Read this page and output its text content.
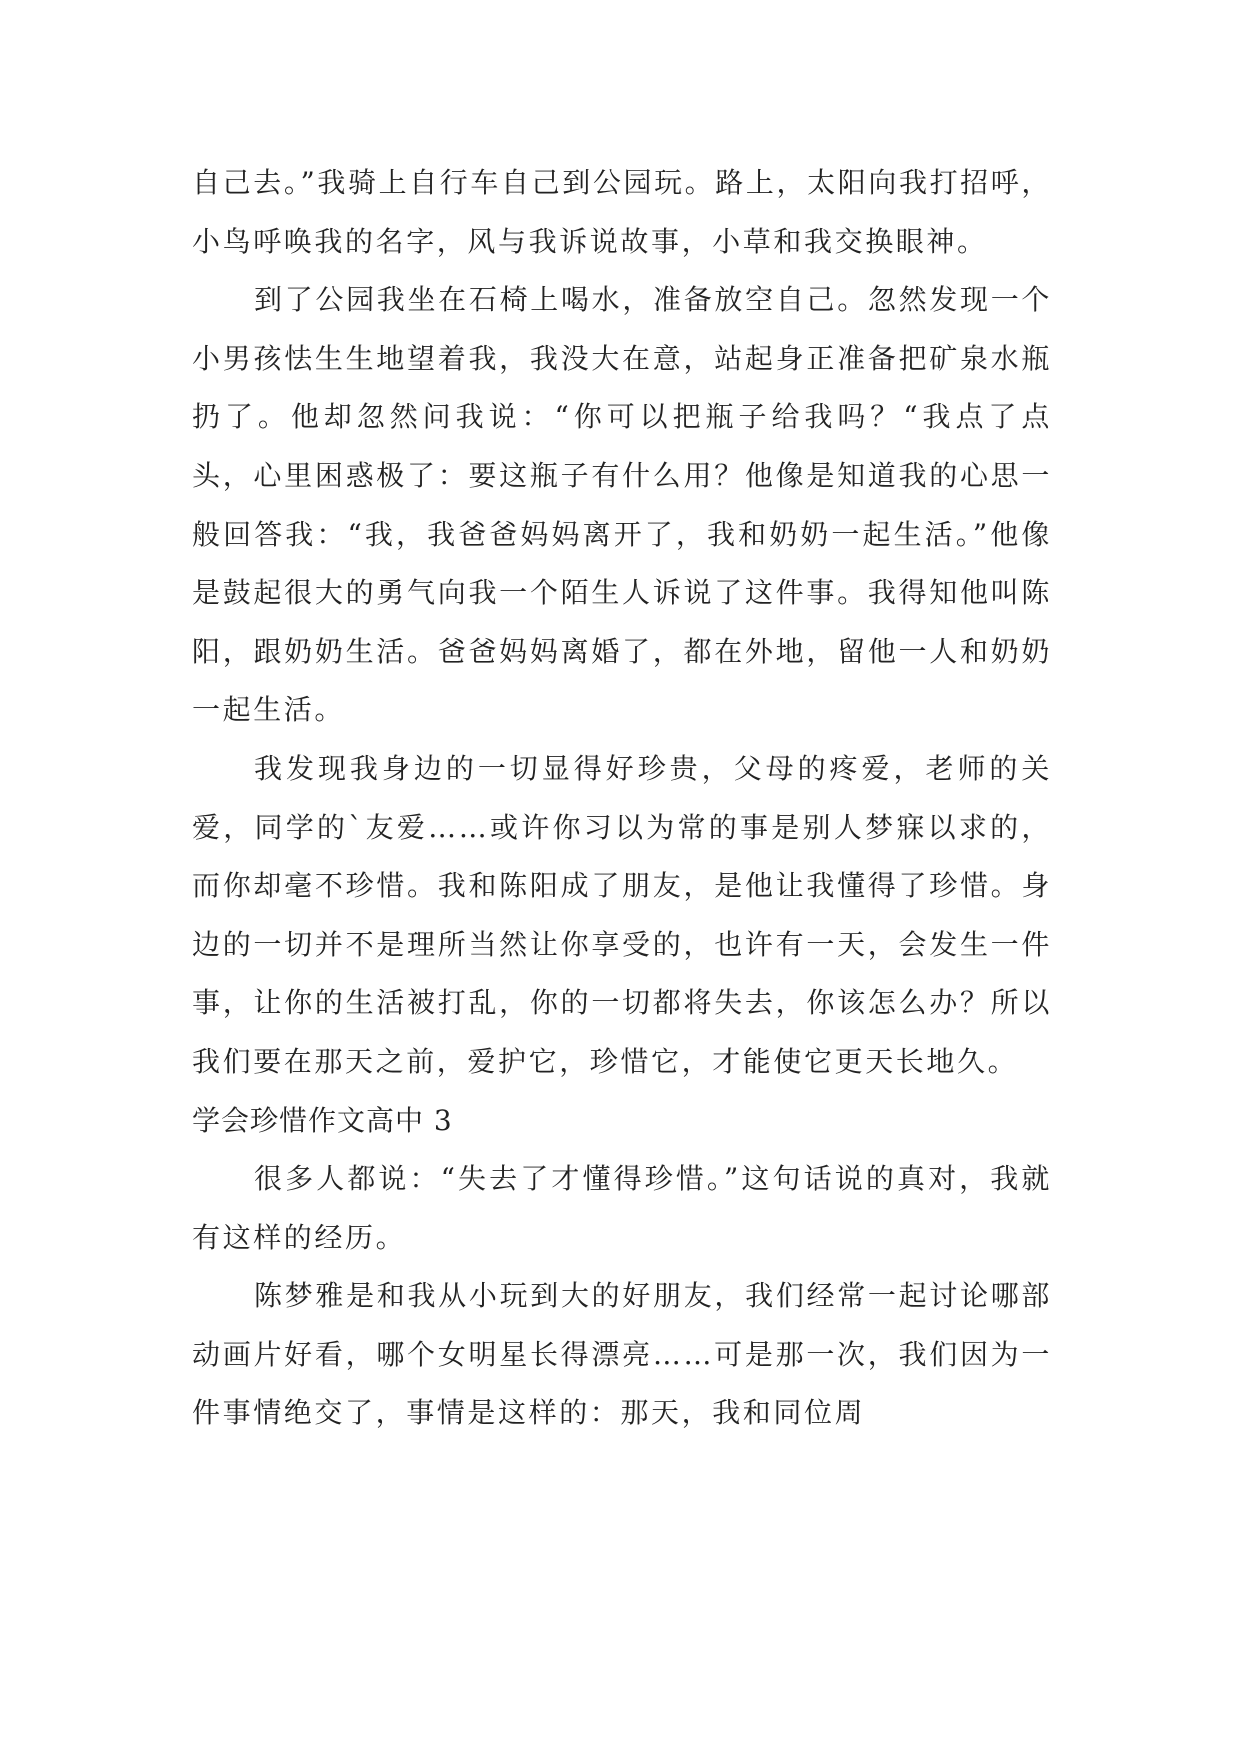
自己去。”我骑上自行车自己到公园玩。路上，太阳向我打招呼，小鸟呼唤我的名字，风与我诉说故事，小草和我交换眼神。

到了公园我坐在石椅上喝水，准备放空自己。忽然发现一个小男孩怯生生地望着我，我没大在意，站起身正准备把矿泉水瓶扔了。他却忽然问我说：“你可以把瓶子给我吗？“我点了点头，心里困惑极了：要这瓶子有什么用？他像是知道我的心思一般回答我：“我，我爸爸妈妈离开了，我和奶奶一起生活。”他像是鼓起很大的勇气向我一个陌生人诉说了这件事。我得知他叫陈阳，跟奶奶生活。爸爸妈妈离婚了，都在外地，留他一人和奶奶一起生活。

我发现我身边的一切显得好珍贵，父母的疼爱，老师的关爱，同学的`友爱……或许你习以为常的事是别人梦寐以求的，而你却毫不珍惜。我和陈阳成了朋友，是他让我懂得了珍惜。身边的一切并不是理所当然让你享受的，也许有一天，会发生一件事，让你的生活被打乱，你的一切都将失去，你该怎么办？所以我们要在那天之前，爱护它，珍惜它，才能使它更天长地久。

学会珍惜作文高中 3

很多人都说：“失去了才懂得珍惜。”这句话说的真对，我就有这样的经历。

陈梦雅是和我从小玩到大的好朋友，我们经常一起讨论哪部动画片好看，哪个女明星长得漂亮……可是那一次，我们因为一件事情绝交了，事情是这样的：那天，我和同位周
